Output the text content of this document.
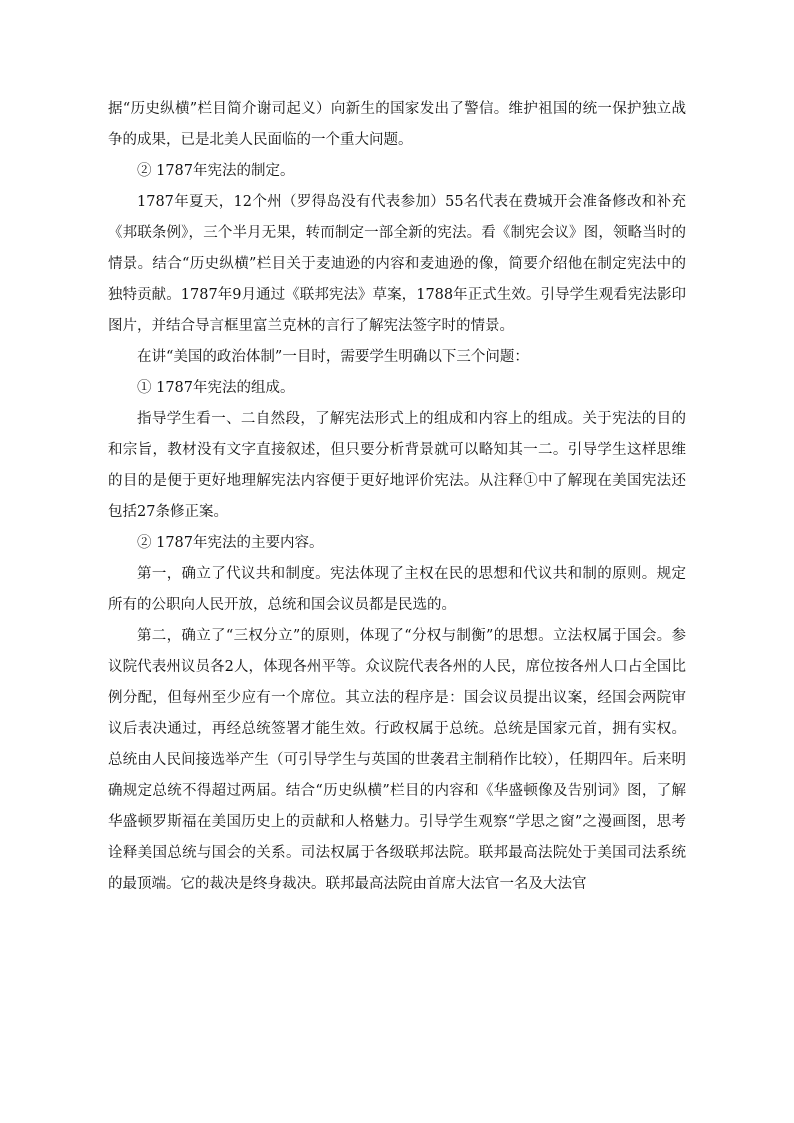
据“历史纵横”栏目简介谢司起义）向新生的国家发出了警信。维护祖国的统一保护独立战争的成果，已是北美人民面临的一个重大问题。

② 1787年宪法的制定。

1787年夏天，12个州（罗得岛没有代表参加）55名代表在费城开会准备修改和补充《邦联条例》，三个半月无果，转而制定一部全新的宪法。看《制宪会议》图，领略当时的情景。结合“历史纵横”栏目关于麦迪逊的内容和麦迪逊的像，简要介绍他在制定宪法中的独特贡献。1787年9月通过《联邦宪法》草案，1788年正式生效。引导学生观看宪法影印图片，并结合导言框里富兰克林的言行了解宪法签字时的情景。

在讲“美国的政治体制”一目时，需要学生明确以下三个问题：

① 1787年宪法的组成。

指导学生看一、二自然段，了解宪法形式上的组成和内容上的组成。关于宪法的目的和宗旨，教材没有文字直接叙述，但只要分析背景就可以略知其一二。引导学生这样思维的目的是便于更好地理解宪法内容便于更好地评价宪法。从注释①中了解现在美国宪法还包括27条修正案。

② 1787年宪法的主要内容。

第一，确立了代议共和制度。宪法体现了主权在民的思想和代议共和制的原则。规定所有的公职向人民开放，总统和国会议员都是民选的。

第二，确立了“三权分立”的原则，体现了“分权与制衡”的思想。立法权属于国会。参议院代表州议员各2人，体现各州平等。众议院代表各州的人民，席位按各州人口占全国比例分配，但每州至少应有一个席位。其立法的程序是：国会议员提出议案，经国会两院审议后表决通过，再经总统签署才能生效。行政权属于总统。总统是国家元首，拥有实权。总统由人民间接选举产生（可引导学生与英国的世袭君主制稍作比较），任期四年。后来明确规定总统不得超过两届。结合“历史纵横”栏目的内容和《华盛顿像及告别词》图，了解华盛顿罗斯福在美国历史上的贡献和人格魅力。引导学生观察“学思之窗”之漫画图，思考诠释美国总统与国会的关系。司法权属于各级联邦法院。联邦最高法院处于美国司法系统的最顶端。它的裁决是终身裁决。联邦最高法院由首席大法官一名及大法官
